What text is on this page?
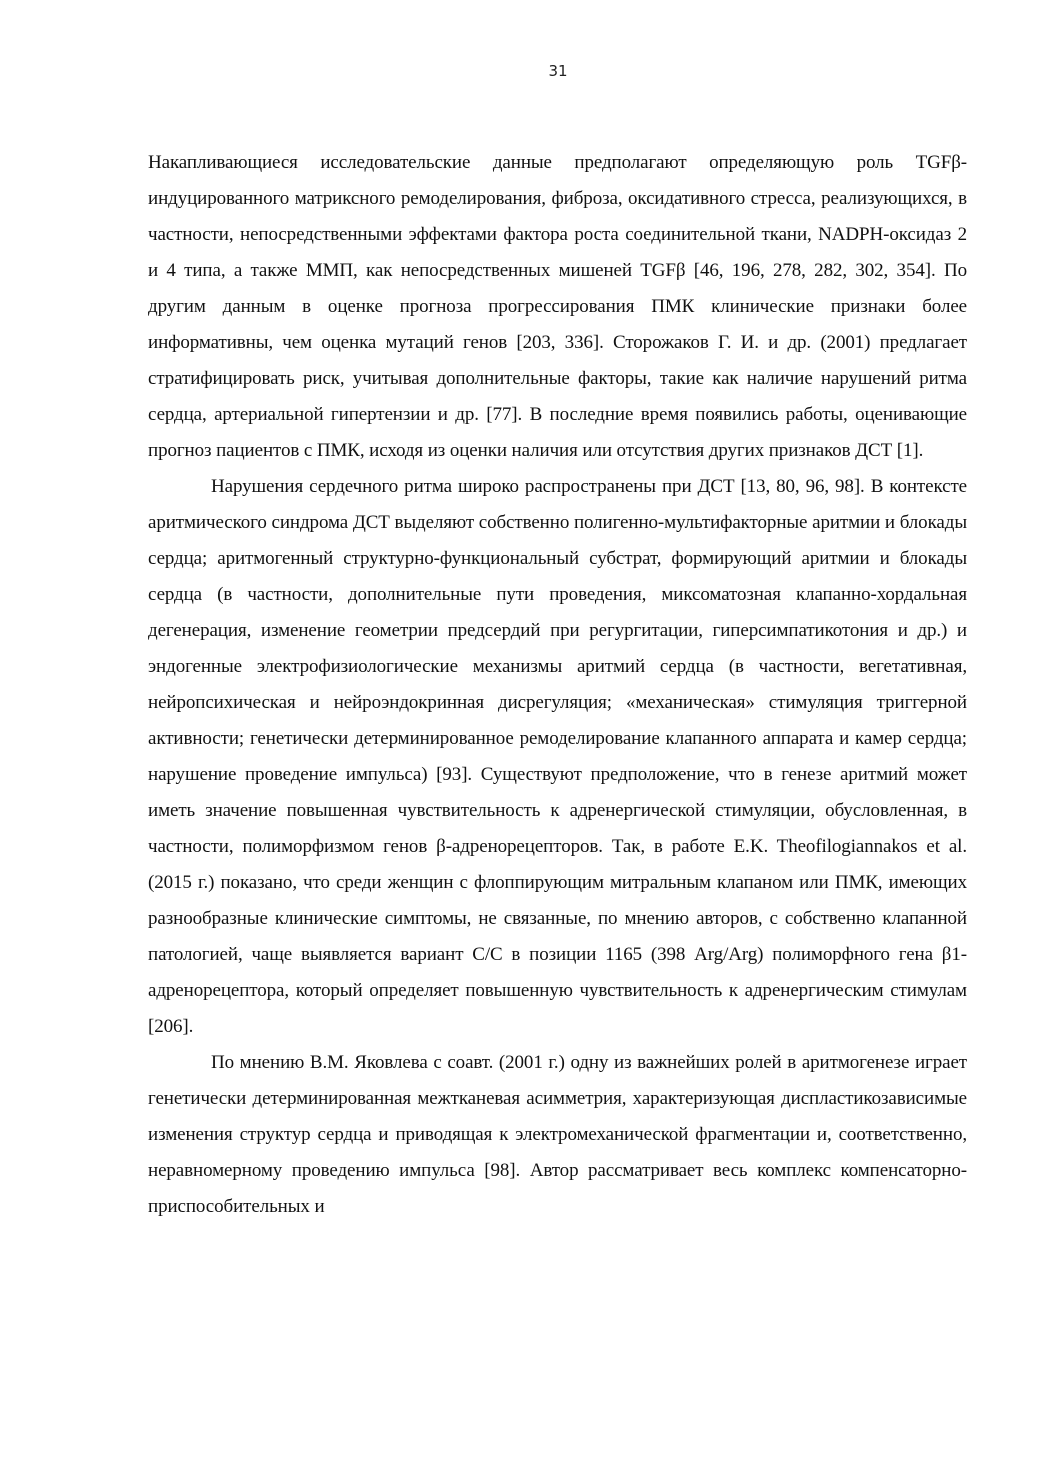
31

Накапливающиеся исследовательские данные предполагают определяющую роль TGFβ-индуцированного матриксного ремоделирования, фиброза, оксидативного стресса, реализующихся, в частности, непосредственными эффектами фактора роста соединительной ткани, NADPH-оксидаз 2 и 4 типа, а также ММП, как непосредственных мишеней TGFβ [46, 196, 278, 282, 302, 354]. По другим данным в оценке прогноза прогрессирования ПМК клинические признаки более информативны, чем оценка мутаций генов [203, 336]. Сторожаков Г. И. и др. (2001) предлагает стратифицировать риск, учитывая дополнительные факторы, такие как наличие нарушений ритма сердца, артериальной гипертензии и др. [77]. В последние время появились работы, оценивающие прогноз пациентов с ПМК, исходя из оценки наличия или отсутствия других признаков ДСТ [1].

Нарушения сердечного ритма широко распространены при ДСТ [13, 80, 96, 98]. В контексте аритмического синдрома ДСТ выделяют собственно полигенно-мультифакторные аритмии и блокады сердца; аритмогенный структурно-функциональный субстрат, формирующий аритмии и блокады сердца (в частности, дополнительные пути проведения, миксоматозная клапанно-хордальная дегенерация, изменение геометрии предсердий при регургитации, гиперсимпатикотония и др.) и эндогенные электрофизиологические механизмы аритмий сердца (в частности, вегетативная, нейропсихическая и нейроэндокринная дисрегуляция; «механическая» стимуляция триггерной активности; генетически детерминированное ремоделирование клапанного аппарата и камер сердца; нарушение проведение импульса) [93]. Существуют предположение, что в генезе аритмий может иметь значение повышенная чувствительность к адренергической стимуляции, обусловленная, в частности, полиморфизмом генов β-адренорецепторов. Так, в работе E.K. Theofilogiannakos et al. (2015 г.) показано, что среди женщин с флоппирующим митральным клапаном или ПМК, имеющих разнообразные клинические симптомы, не связанные, по мнению авторов, с собственно клапанной патологией, чаще выявляется вариант C/C в позиции 1165 (398 Arg/Arg) полиморфного гена β1-адренорецептора, который определяет повышенную чувствительность к адренергическим стимулам [206].

По мнению В.М. Яковлева с соавт. (2001 г.) одну из важнейших ролей в аритмогенезе играет генетически детерминированная межтканевая асимметрия, характеризующая диспластикозависимые изменения структур сердца и приводящая к электромеханической фрагментации и, соответственно, неравномерному проведению импульса [98]. Автор рассматривает весь комплекс компенсаторно-приспособительных и
